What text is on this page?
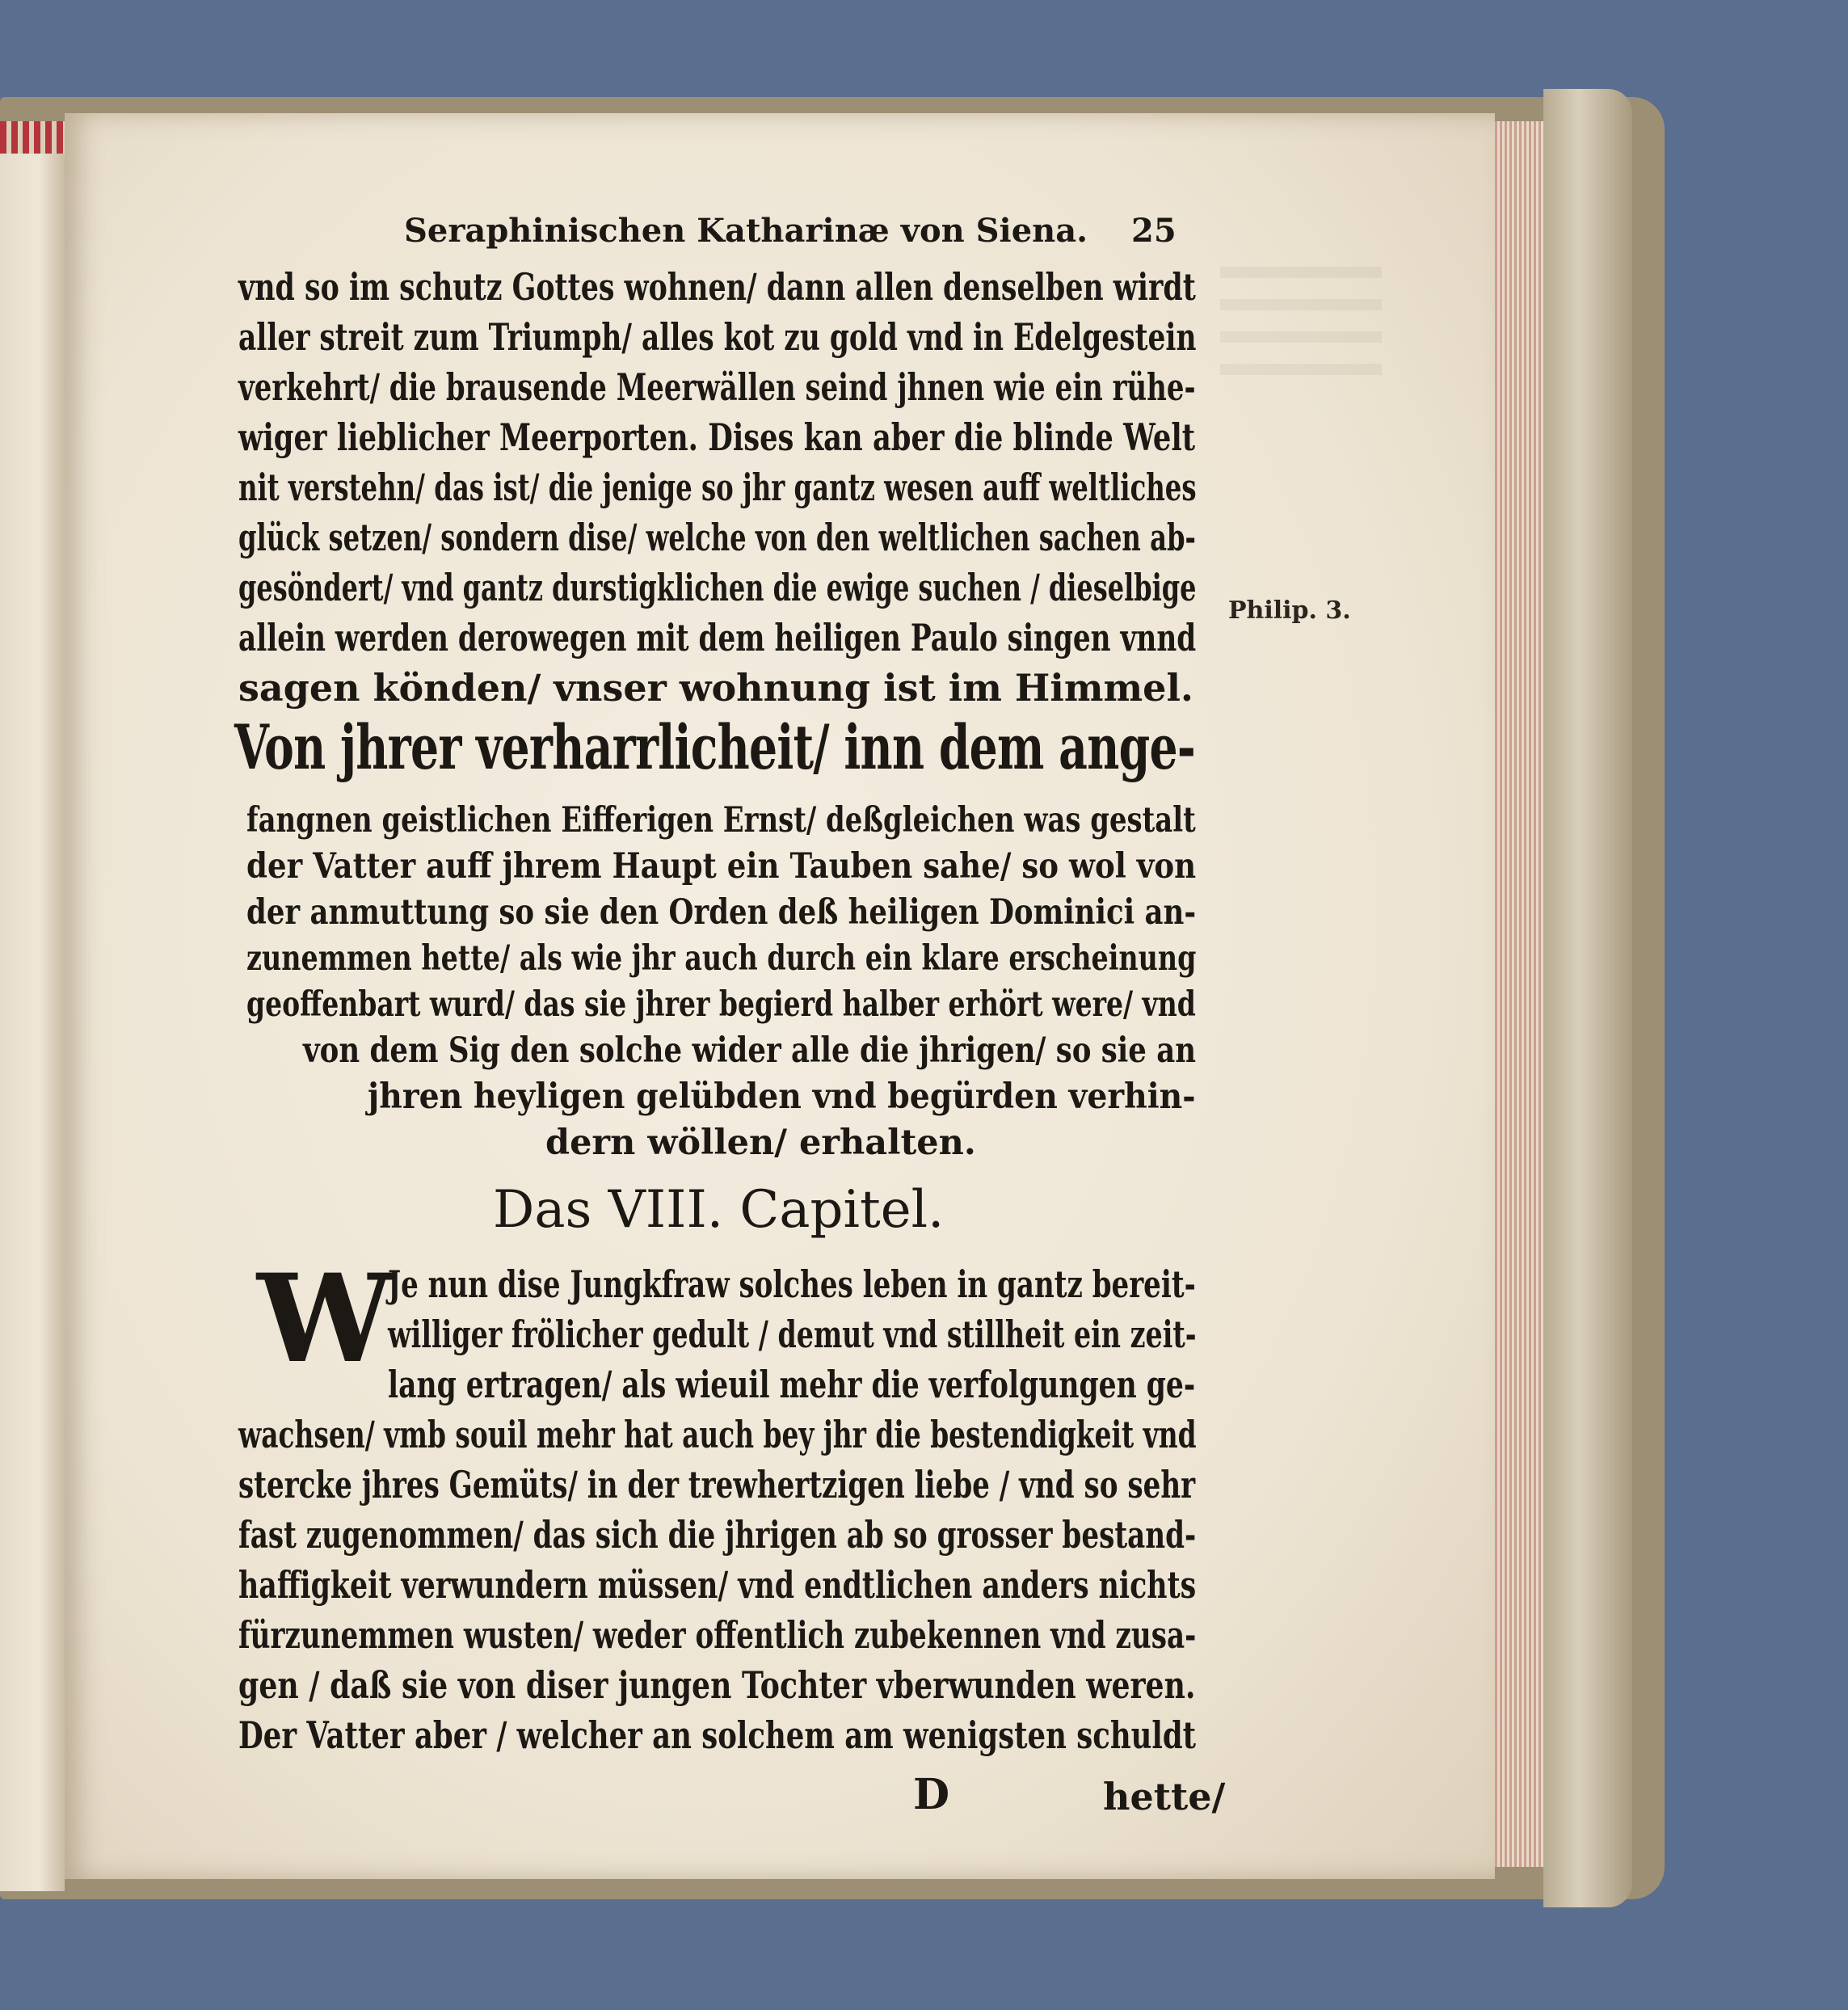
Seraphinischen Katharinæ von Siena. 25
vnd so im schutz Gottes wohnen/ dann allen denselben wirdt
aller streit zum Triumph/ alles kot zu gold vnd in Edelgestein
verkehrt/ die brausende Meerwällen seind jhnen wie ein rühe-
wiger lieblicher Meerporten. Dises kan aber die blinde Welt
nit verstehn/ das ist/ die jenige so jhr gantz wesen auff weltliches
glück setzen/ sondern dise/ welche von den weltlichen sachen ab-
gesöndert/ vnd gantz durstigklichen die ewige suchen / dieselbige
allein werden derowegen mit dem heiligen Paulo singen vnnd
sagen könden/ vnser wohnung ist im Himmel.
Philip. 3.
Von jhrer verharrlicheit/ inn dem ange-
fangnen geistlichen Eifferigen Ernst/ deßgleichen was gestalt
der Vatter auff jhrem Haupt ein Tauben sahe/ so wol von
der anmuttung so sie den Orden deß heiligen Dominici an-
zunemmen hette/ als wie jhr auch durch ein klare erscheinung
geoffenbart wurd/ das sie jhrer begierd halber erhört were/ vnd
von dem Sig den solche wider alle die jhrigen/ so sie an
jhren heyligen gelübden vnd begürden verhin-
dern wöllen/ erhalten.
Das VIII. Capitel.
W
Je nun dise Jungkfraw solches leben in gantz bereit-
williger frölicher gedult / demut vnd stillheit ein zeit-
lang ertragen/ als wieuil mehr die verfolgungen ge-
wachsen/ vmb souil mehr hat auch bey jhr die bestendigkeit vnd
stercke jhres Gemüts/ in der trewhertzigen liebe / vnd so sehr
fast zugenommen/ das sich die jhrigen ab so grosser bestand-
haffigkeit verwundern müssen/ vnd endtlichen anders nichts
fürzunemmen wusten/ weder offentlich zubekennen vnd zusa-
gen / daß sie von diser jungen Tochter vberwunden weren.
Der Vatter aber / welcher an solchem am wenigsten schuldt
D	hette/
